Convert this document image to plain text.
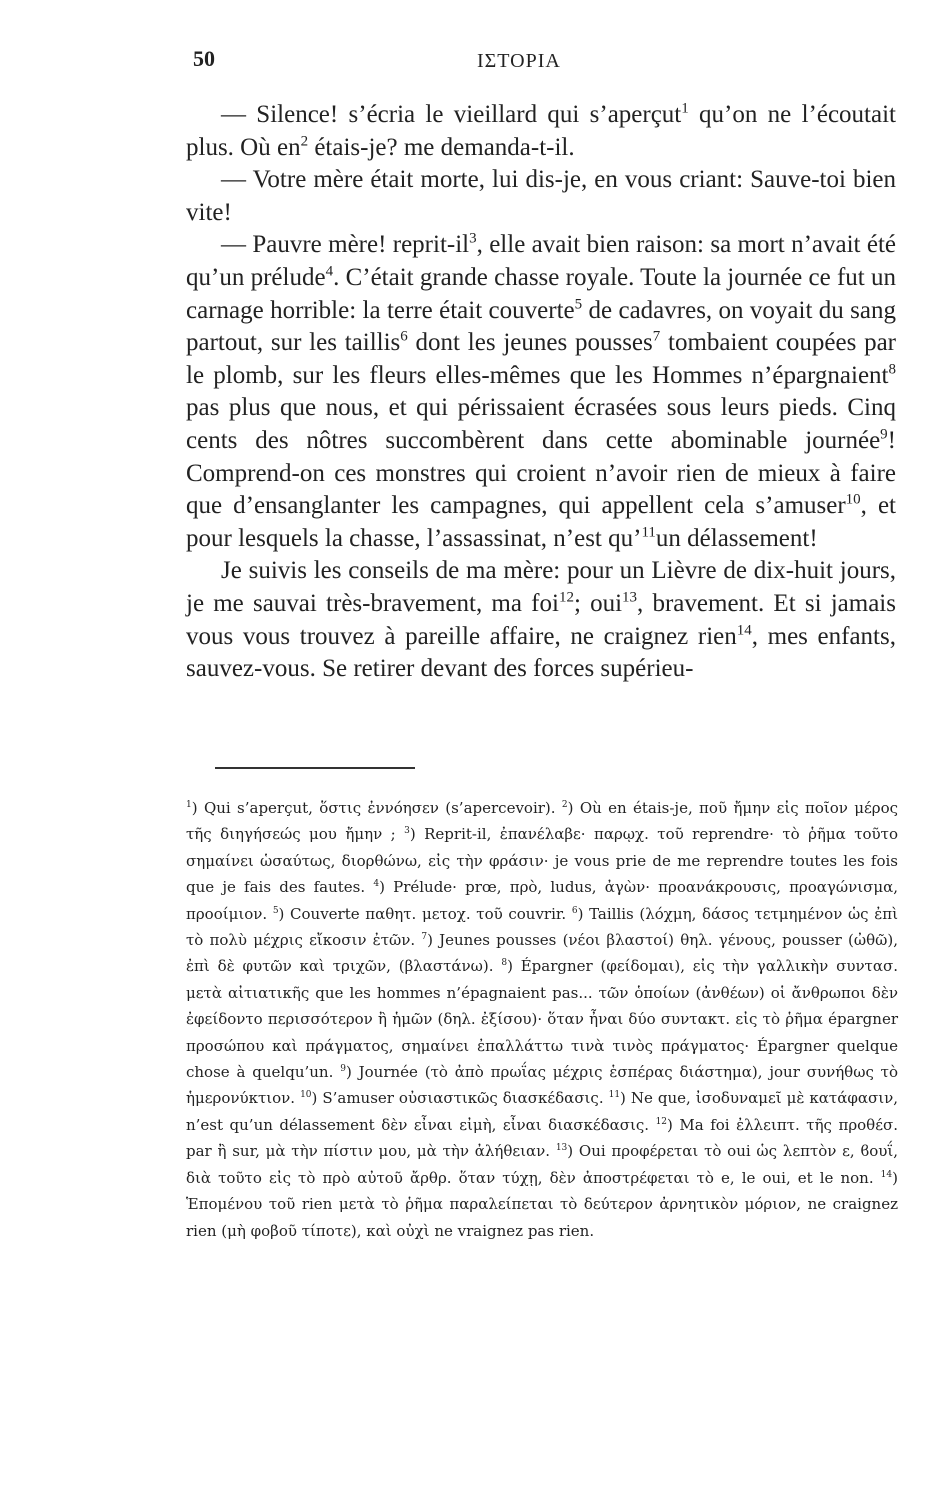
50	ΙΣΤΟΡΙΑ

— Silence! s’écria le vieillard qui s’aperçut$^1$ qu’on ne l’écoutait plus. Où $en^2$ étais-je? me demanda-t-il.

— Votre mère était morte, lui dis-je, en vous criant: Sauve-toi bien vite!

— Pauvre mère! reprit-$il^3$, elle avait bien raison: sa mort n’avait été qu’un prélude$^4$. C’était grande chasse royale. Toute la journée ce fut un carnage horrible: la terre était couverte$^5$ de cadavres, on voyait du sang partout, sur les taillis$^6$ dont les jeunes pousses$^7$ tombaient coupées par le plomb, sur les fleurs elles-mêmes que les Hommes n’épargnaient$^8$ pas plus que nous, et qui périssaient écrasées sous leurs pieds. Cinq cents des nôtres succombèrent dans cette abominable journée$^9$! Comprend-on ces monstres qui croient n’avoir rien de mieux à faire que d’ensanglanter les campagnes, qui appellent cela s’amuser$^{10}$, et pour lesquels la chasse, l’assassinat, n’est qu’$^{11}$un délassement!

Je suivis les conseils de ma mère: pour un Lièvre de dix-huit jours, je me sauvai très-bravement, ma foi$^{12}$; oui$^{13}$, bravement. Et si jamais vous vous trouvez à pareille affaire, ne craignez rien$^{14}$, mes enfants, sauvez-vous. Se retirer devant des forces supérieu-

$^1$) Qui s’aperçut, ὅστις ἐννόησεν (s’apercevoir). $^2$) Où en étais-je, ποῦ ἤμην εἰς ποῖον μέρος τῆς διηγήσεώς μου ἤμην ; $^3$) Reprit-il, ἐπανέλαβε· παρῳχ. τοῦ reprendre· τὸ ῥῆμα τοῦτο σημαίνει ὡσαύτως, διορθώνω, εἰς τὴν φράσιν· je vous prie de me reprendre toutes les fois que je fais des fautes. $^4$) Prélude· prœ, πρὸ, ludus, ἀγὼν· προανάκρουσις, προαγώνισμα, προοίμιον. $^5$) Couverte παθητ. μετοχ. τοῦ couvrir. $^6$) Taillis (λόχμη, δάσος τετμημένον ὡς ἐπὶ τὸ πολὺ μέχρις εἴκοσιν ἐτῶν. $^7$) Jeunes pousses (νέοι βλαστοί) θηλ. γένους, pousser (ὠθῶ), ἐπὶ δὲ φυτῶν καὶ τριχῶν, (βλαστάνω). $^8$) Épargner (φείδομαι), εἰς τὴν γαλλικὴν συντασ. μετὰ αἰτιατικῆς que les hommes n’épagnaient pas... τῶν ὁποίων (ἀνθέων) οἱ ἄνθρωποι δὲν ἐφείδοντο περισσότερον ἢ ἡμῶν (δηλ. ἐξίσου)· ὅταν ἦναι δύο συντακτ. εἰς τὸ ῥῆμα épargner προσώπου καὶ πράγματος, σημαίνει ἐπαλλάττω τινὰ τινὸς πράγματος· Épargner quelque chose à quelqu’un. $^9$) Journée (τὸ ἀπὸ πρωΐας μέχρις ἑσπέρας διάστημα), jour συνήθως τὸ ἡμερονύκτιον. $^{10}$) S’amuser οὐσιαστικῶς διασκέδασις. $^{11}$) Ne que, ἰσοδυναμεῖ μὲ κατάφασιν, n’est qu’un délassement δὲν εἶναι εἰμὴ, εἶναι διασκέδασις. $^{12}$) Ma foi ἐλλειπτ. τῆς προθέσ. par ἢ sur, μὰ τὴν πίστιν μου, μὰ τὴν ἀλήθειαν. $^{13}$) Oui προφέρεται τὸ oui ὡς λεπτὸν ε, ϐουΐ, διὰ τοῦτο εἰς τὸ πρὸ αὐτοῦ ἄρθρ. ὅταν τύχῃ, δὲν ἀποστρέφεται τὸ e, le oui, et le non. $^{14}$) Ἑπομένου τοῦ rien μετὰ τὸ ῥῆμα παραλείπεται τὸ δεύτερον ἀρνητικὸν μόριον, ne craignez rien (μὴ φοβοῦ τίποτε), καὶ οὐχὶ ne vraignez pas rien.
